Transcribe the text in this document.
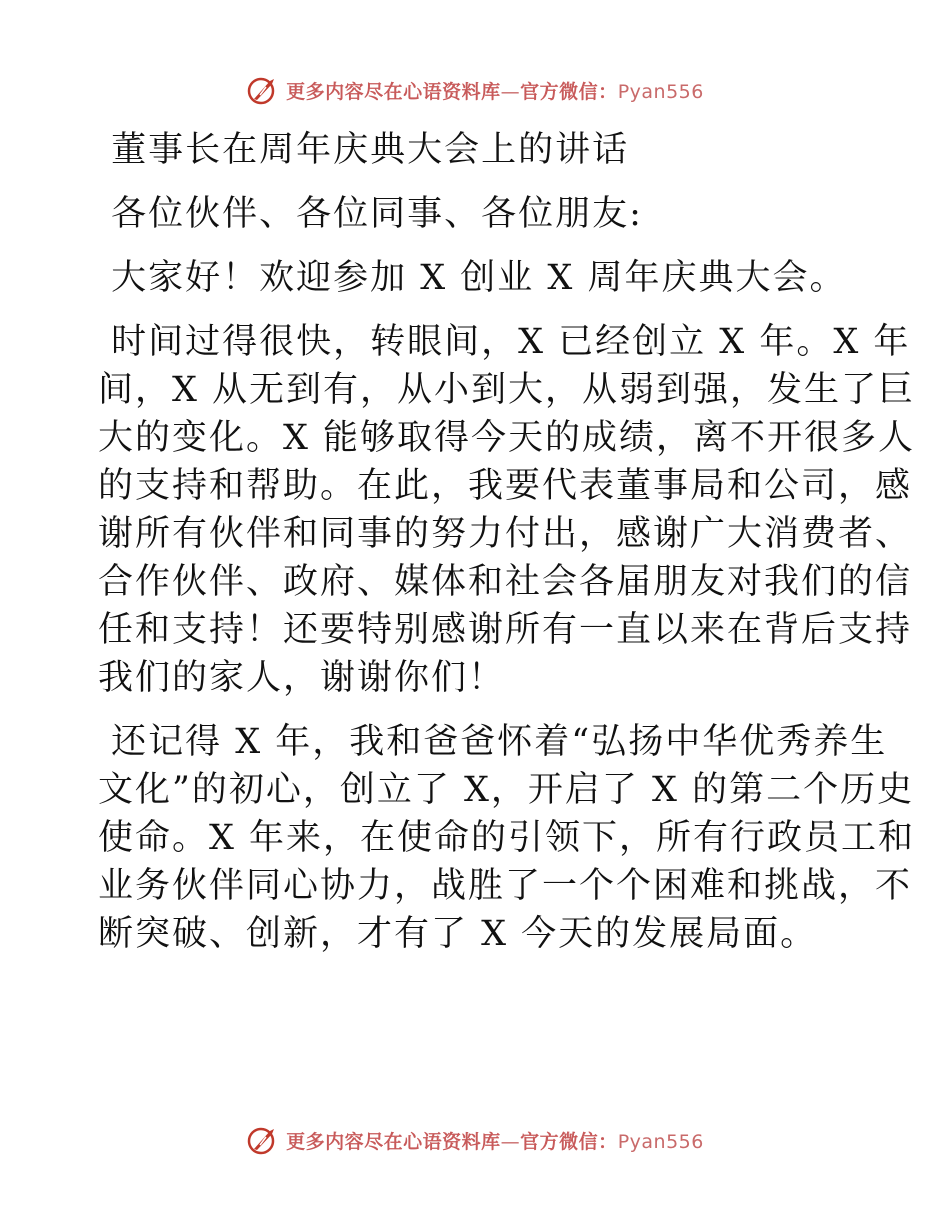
更多内容尽在心语资料库—官方微信：Pyan556

董事长在周年庆典大会上的讲话

各位伙伴、各位同事、各位朋友:

大家好！欢迎参加 X 创业 X 周年庆典大会。

时间过得很快，转眼间，X 已经创立 X 年。X 年

间，X 从无到有，从小到大，从弱到强，发生了巨

大的变化。X 能够取得今天的成绩，离不开很多人

的支持和帮助。在此，我要代表董事局和公司，感

谢所有伙伴和同事的努力付出，感谢广大消费者、

合作伙伴、政府、媒体和社会各届朋友对我们的信

任和支持！还要特别感谢所有一直以来在背后支持

我们的家人，谢谢你们！

还记得 X 年，我和爸爸怀着“弘扬中华优秀养生

文化”的初心，创立了 X，开启了 X 的第二个历史

使命。X 年来，在使命的引领下，所有行政员工和

业务伙伴同心协力，战胜了一个个困难和挑战，不

断突破、创新，才有了 X 今天的发展局面。

更多内容尽在心语资料库—官方微信：Pyan556
